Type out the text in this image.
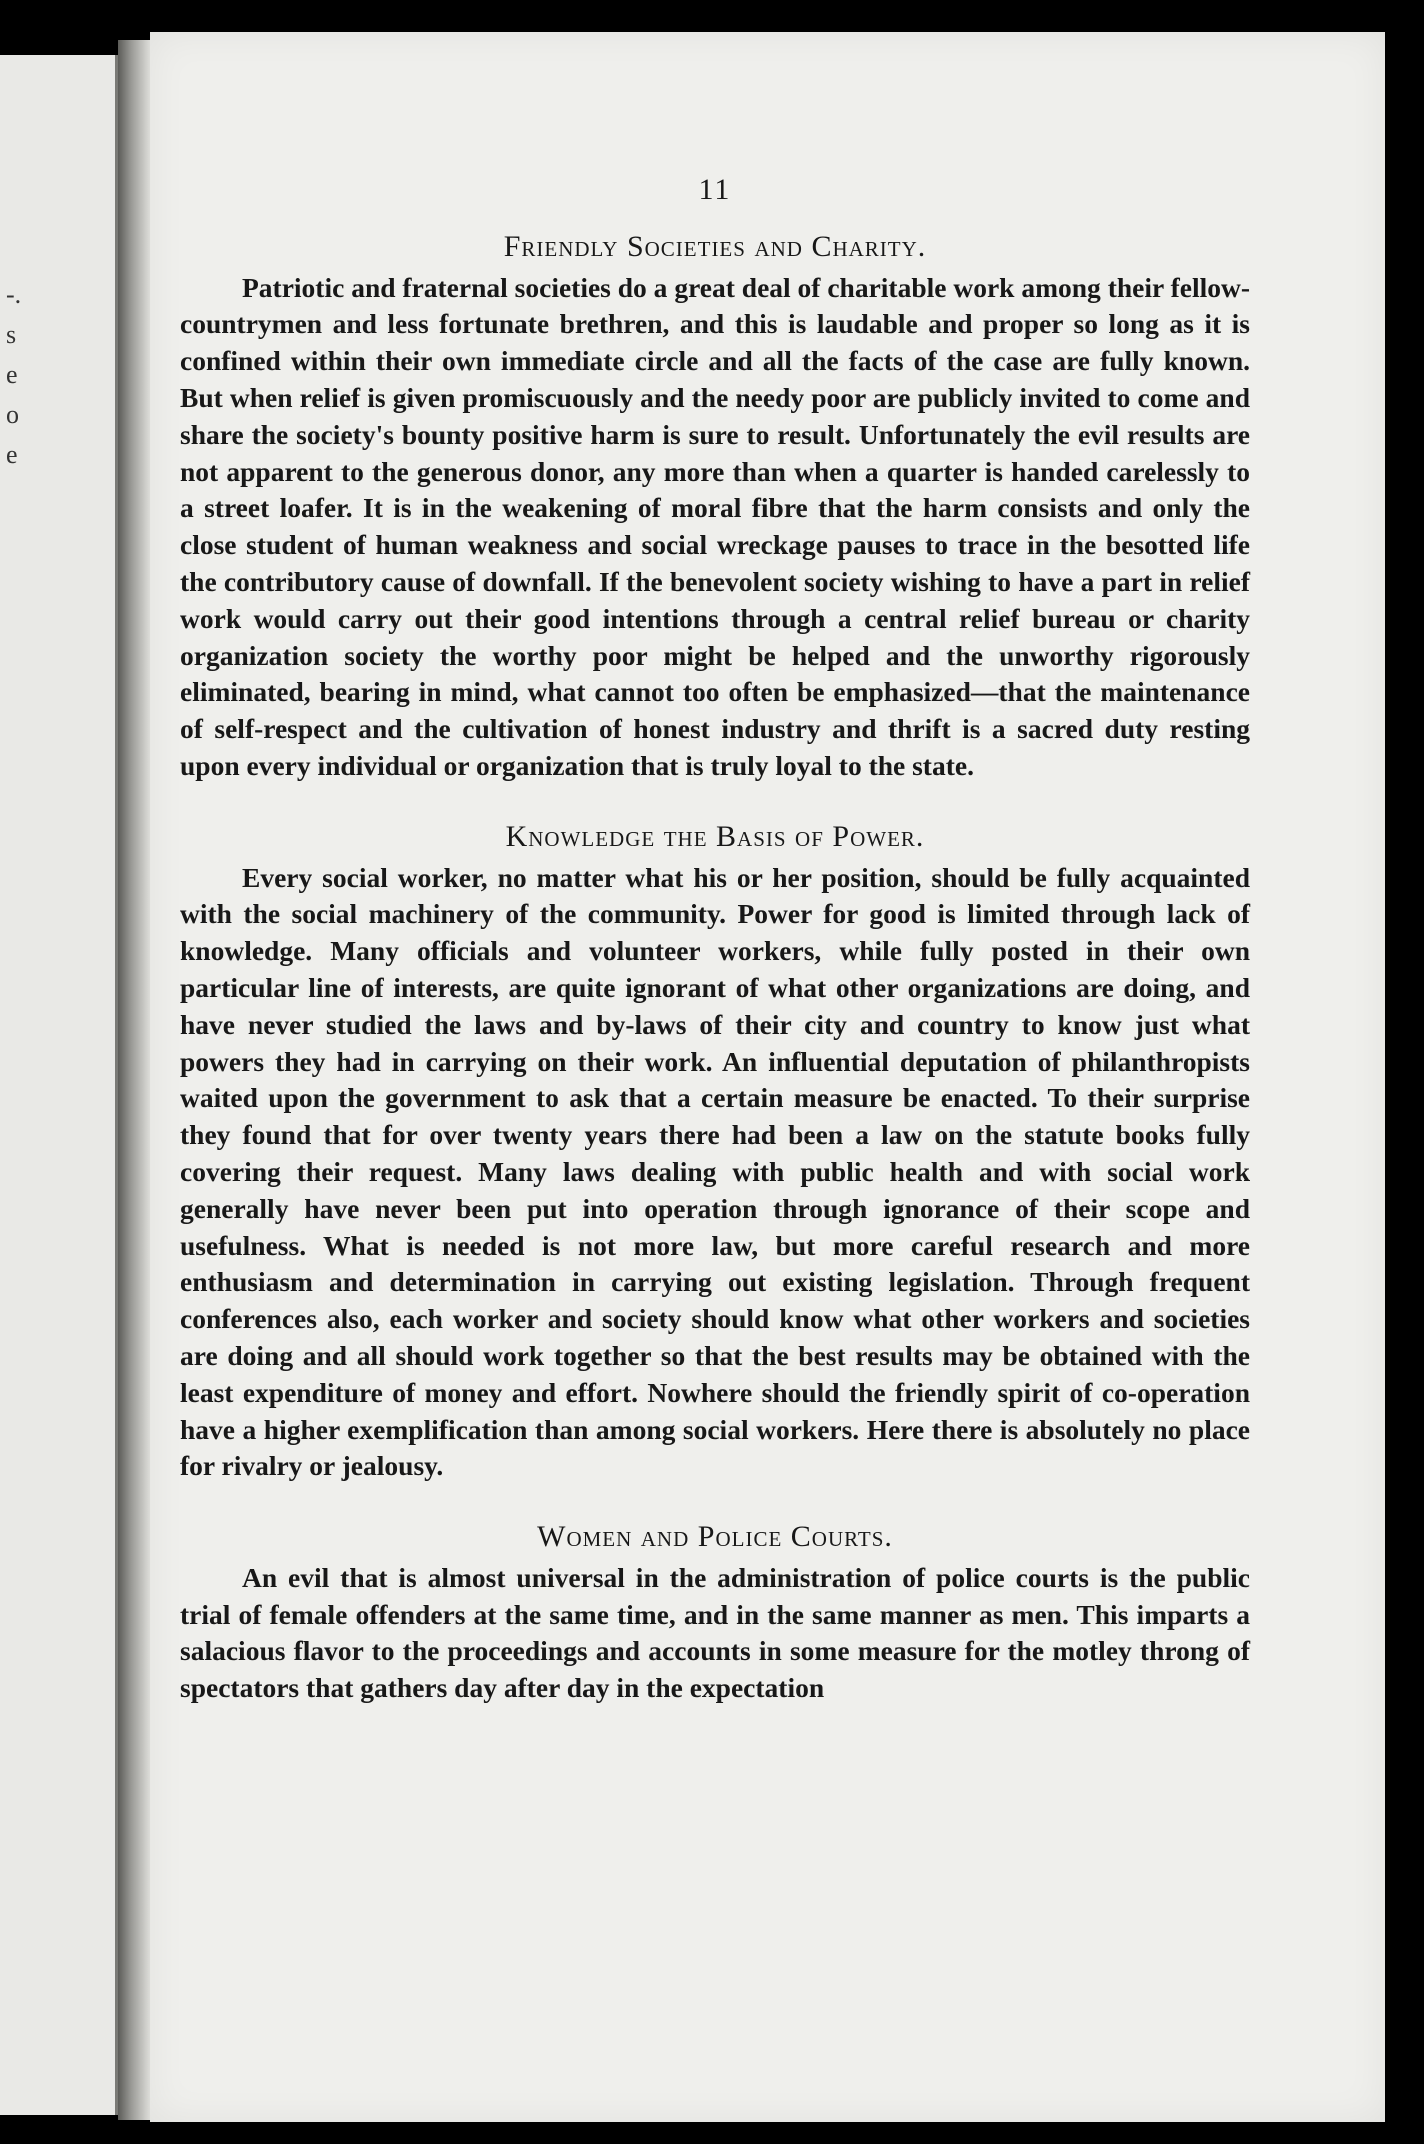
-.
s
e
o
e
11
Friendly Societies and Charity.

Patriotic and fraternal societies do a great deal of charitable work among their fellow-countrymen and less fortunate brethren, and this is laudable and proper so long as it is confined within their own immediate circle and all the facts of the case are fully known. But when relief is given promiscuously and the needy poor are publicly invited to come and share the society's bounty positive harm is sure to result. Unfortunately the evil results are not apparent to the generous donor, any more than when a quarter is handed carelessly to a street loafer. It is in the weakening of moral fibre that the harm consists and only the close student of human weakness and social wreckage pauses to trace in the besotted life the contributory cause of downfall. If the benevolent society wishing to have a part in relief work would carry out their good intentions through a central relief bureau or charity organization society the worthy poor might be helped and the unworthy rigorously eliminated, bearing in mind, what cannot too often be emphasized—that the maintenance of self-respect and the cultivation of honest industry and thrift is a sacred duty resting upon every individual or organization that is truly loyal to the state.

Knowledge the Basis of Power.

Every social worker, no matter what his or her position, should be fully acquainted with the social machinery of the community. Power for good is limited through lack of knowledge. Many officials and volunteer workers, while fully posted in their own particular line of interests, are quite ignorant of what other organizations are doing, and have never studied the laws and by-laws of their city and country to know just what powers they had in carrying on their work. An influential deputation of philanthropists waited upon the government to ask that a certain measure be enacted. To their surprise they found that for over twenty years there had been a law on the statute books fully covering their request. Many laws dealing with public health and with social work generally have never been put into operation through ignorance of their scope and usefulness. What is needed is not more law, but more careful research and more enthusiasm and determination in carrying out existing legislation. Through frequent conferences also, each worker and society should know what other workers and societies are doing and all should work together so that the best results may be obtained with the least expenditure of money and effort. Nowhere should the friendly spirit of co-operation have a higher exemplification than among social workers. Here there is absolutely no place for rivalry or jealousy.

Women and Police Courts.

An evil that is almost universal in the administration of police courts is the public trial of female offenders at the same time, and in the same manner as men. This imparts a salacious flavor to the proceedings and accounts in some measure for the motley throng of spectators that gathers day after day in the expectation
